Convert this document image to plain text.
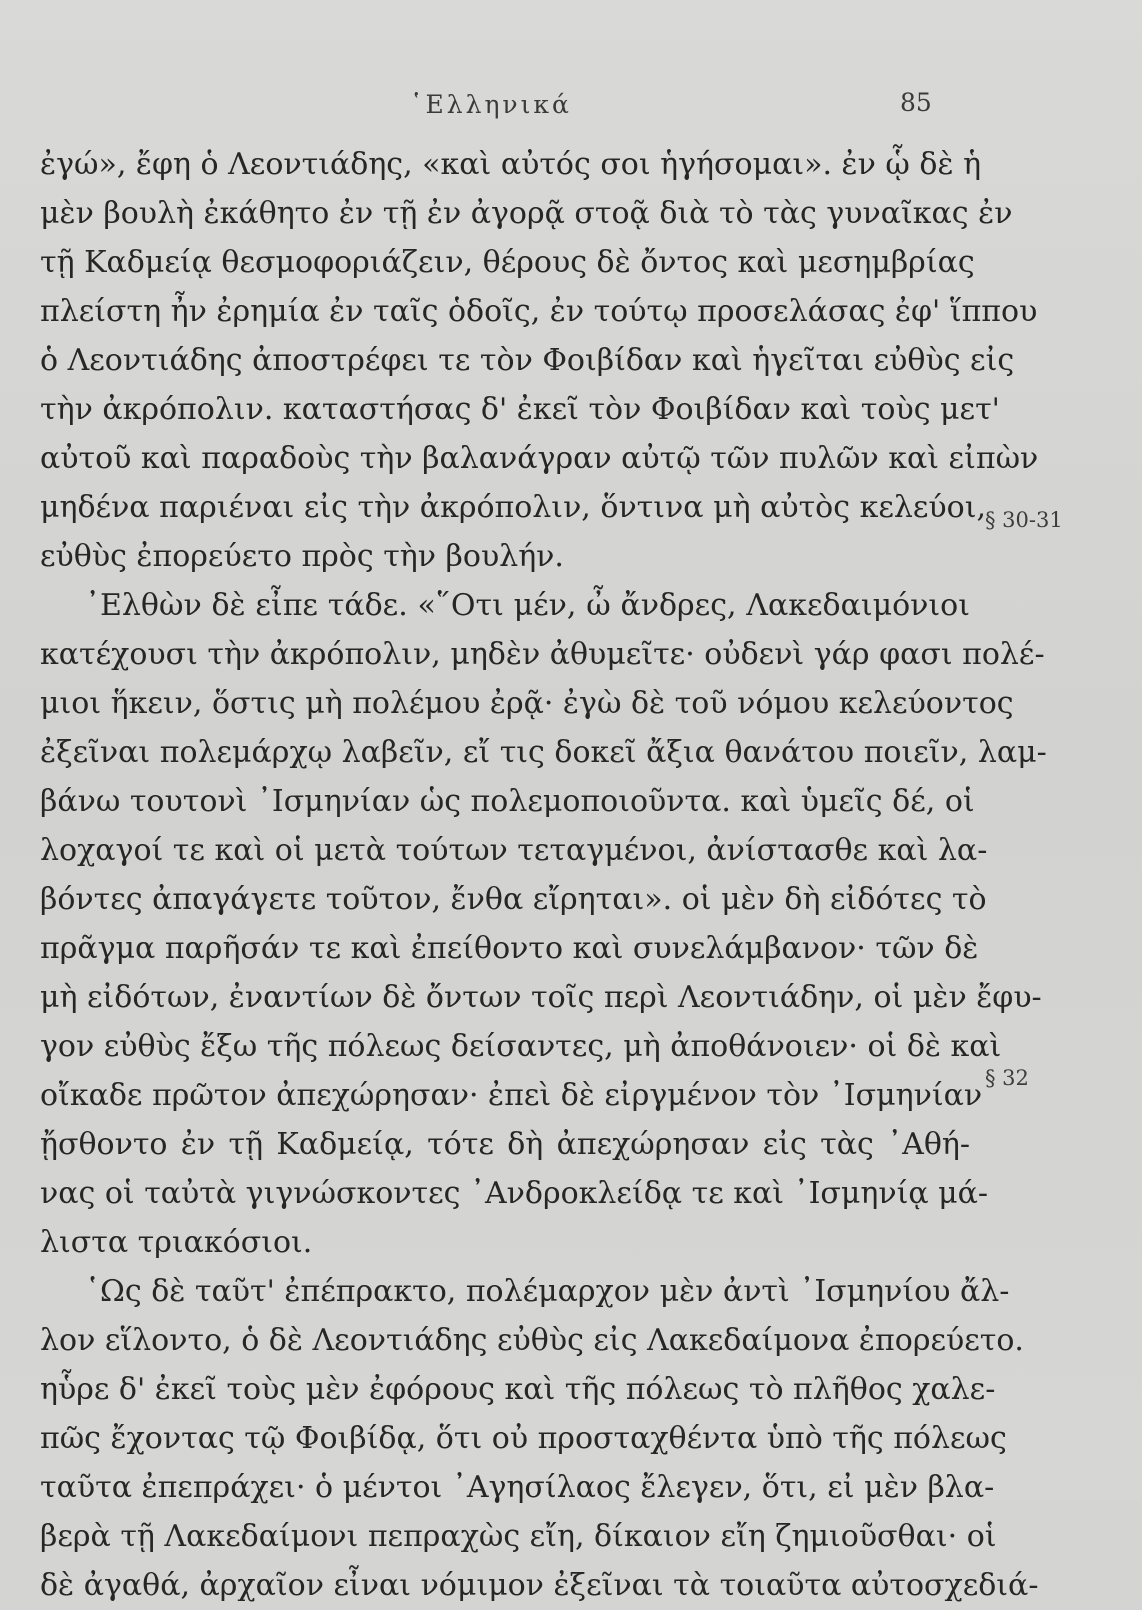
῾Ελληνικά	85
ἐγώ», ἔφη ὁ Λεοντιάδης, «καὶ αὐτός σοι ἡγήσομαι». ἐν ᾧ δὲ ἡ
μὲν βουλὴ ἐκάθητο ἐν τῇ ἐν ἀγορᾷ στοᾷ διὰ τὸ τὰς γυναῖκας ἐν
τῇ Καδμείᾳ θεσμοφοριάζειν, θέρους δὲ ὄντος καὶ μεσημβρίας
πλείστη ἦν ἐρημία ἐν ταῖς ὁδοῖς, ἐν τούτῳ προσελάσας ἐφ' ἵππου
ὁ Λεοντιάδης ἀποστρέφει τε τὸν Φοιβίδαν καὶ ἡγεῖται εὐθὺς εἰς
τὴν ἀκρόπολιν. καταστήσας δ' ἐκεῖ τὸν Φοιβίδαν καὶ τοὺς μετ'
αὐτοῦ καὶ παραδοὺς τὴν βαλανάγραν αὐτῷ τῶν πυλῶν καὶ εἰπὼν
μηδένα παριέναι εἰς τὴν ἀκρόπολιν, ὅντινα μὴ αὐτὸς κελεύοι,
εὐθὺς ἐπορεύετο πρὸς τὴν βουλήν.
᾿Ελθὼν δὲ εἶπε τάδε. «῞Οτι μέν, ὦ ἄνδρες, Λακεδαιμόνιοι
κατέχουσι τὴν ἀκρόπολιν, μηδὲν ἀθυμεῖτε· οὐδενὶ γάρ φασι πολέ-
μιοι ἥκειν, ὅστις μὴ πολέμου ἐρᾷ· ἐγὼ δὲ τοῦ νόμου κελεύοντος
ἐξεῖναι πολεμάρχῳ λαβεῖν, εἴ τις δοκεῖ ἄξια θανάτου ποιεῖν, λαμ-
βάνω τουτονὶ ᾿Ισμηνίαν ὡς πολεμοποιοῦντα. καὶ ὑμεῖς δέ, οἱ
λοχαγοί τε καὶ οἱ μετὰ τούτων τεταγμένοι, ἀνίστασθε καὶ λα-
βόντες ἀπαγάγετε τοῦτον, ἔνθα εἴρηται». οἱ μὲν δὴ εἰδότες τὸ
πρᾶγμα παρῆσάν τε καὶ ἐπείθοντο καὶ συνελάμβανον· τῶν δὲ
μὴ εἰδότων, ἐναντίων δὲ ὄντων τοῖς περὶ Λεοντιάδην, οἱ μὲν ἔφυ-
γον εὐθὺς ἔξω τῆς πόλεως δείσαντες, μὴ ἀποθάνοιεν· οἱ δὲ καὶ
οἴκαδε πρῶτον ἀπεχώρησαν· ἐπεὶ δὲ εἰργμένον τὸν ᾿Ισμηνίαν
ᾔσθοντο ἐν τῇ Καδμείᾳ, τότε δὴ ἀπεχώρησαν εἰς τὰς ᾿Αθή-
νας οἱ ταὐτὰ γιγνώσκοντες ᾿Ανδροκλείδᾳ τε καὶ ᾿Ισμηνίᾳ μά-
λιστα τριακόσιοι.
῾Ως δὲ ταῦτ' ἐπέπρακτο, πολέμαρχον μὲν ἀντὶ ᾿Ισμηνίου ἄλ-
λον εἵλοντο, ὁ δὲ Λεοντιάδης εὐθὺς εἰς Λακεδαίμονα ἐπορεύετο.
ηὗρε δ' ἐκεῖ τοὺς μὲν ἐφόρους καὶ τῆς πόλεως τὸ πλῆθος χαλε-
πῶς ἔχοντας τῷ Φοιβίδᾳ, ὅτι οὐ προσταχθέντα ὑπὸ τῆς πόλεως
ταῦτα ἐπεπράχει· ὁ μέντοι ᾿Αγησίλαος ἔλεγεν, ὅτι, εἰ μὲν βλα-
βερὰ τῇ Λακεδαίμονι πεπραχὼς εἴη, δίκαιον εἴη ζημιοῦσθαι· οἱ
δὲ ἀγαθά, ἀρχαῖον εἶναι νόμιμον ἐξεῖναι τὰ τοιαῦτα αὐτοσχεδιά-
§ 30-31
§ 32
